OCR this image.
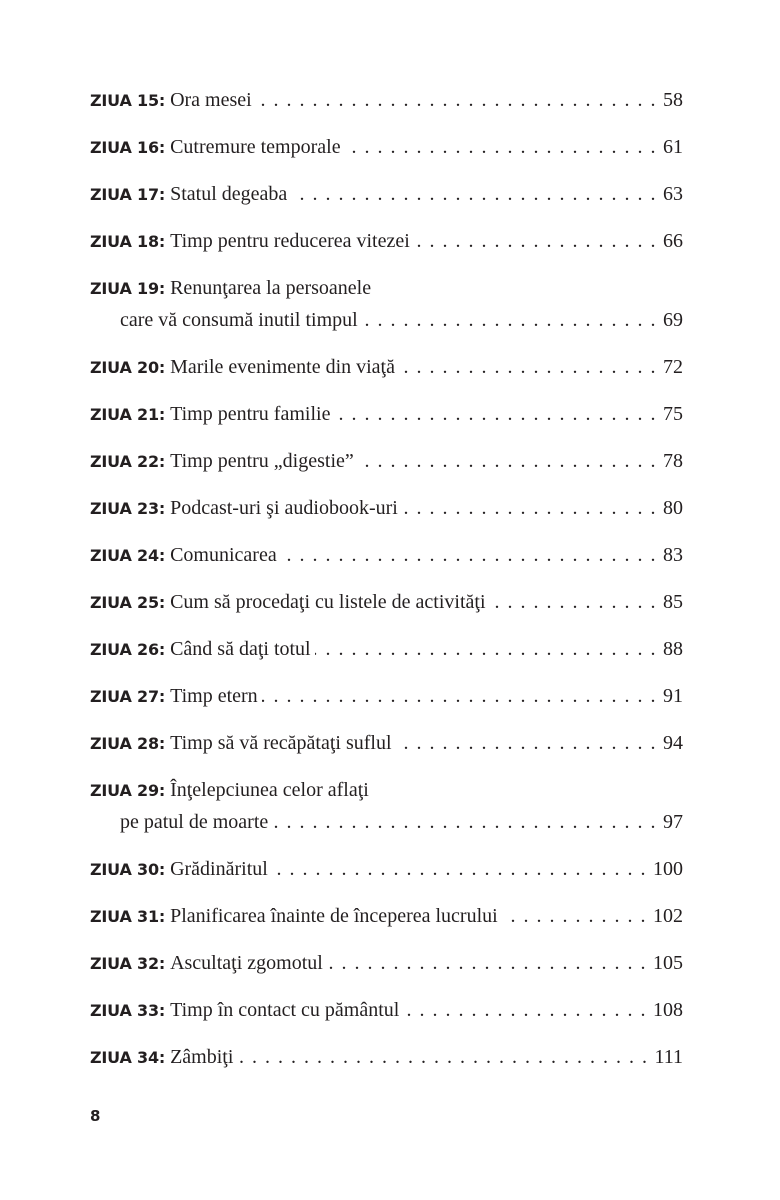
ZIUA 15: Ora mesei . . .	58
ZIUA 16: Cutremure temporale . . .	61
ZIUA 17: Statul degeaba . . .	63
ZIUA 18: Timp pentru reducerea vitezei . . .	66
ZIUA 19: Renunţarea la persoanele
care vă consumă inutil timpul . . .	69
ZIUA 20: Marile evenimente din viaţă . . .	72
ZIUA 21: Timp pentru familie . . .	75
ZIUA 22: Timp pentru „digestie” . . .	78
ZIUA 23: Podcast-uri şi audiobook-uri . . .	80
ZIUA 24: Comunicarea . . .	83
ZIUA 25: Cum să procedaţi cu listele de activităţi . . .	85
ZIUA 26: Când să daţi totul . . .	88
ZIUA 27: Timp etern . . .	91
ZIUA 28: Timp să vă recăpătaţi suflul . . .	94
ZIUA 29: Înţelepciunea celor aflaţi
pe patul de moarte . . .	97
ZIUA 30: Grădinăritul . . .	100
ZIUA 31: Planificarea înainte de începerea lucrului . . .	102
ZIUA 32: Ascultaţi zgomotul . . .	105
ZIUA 33: Timp în contact cu pământul . . .	108
ZIUA 34: Zâmbiţi . . .	111
8
